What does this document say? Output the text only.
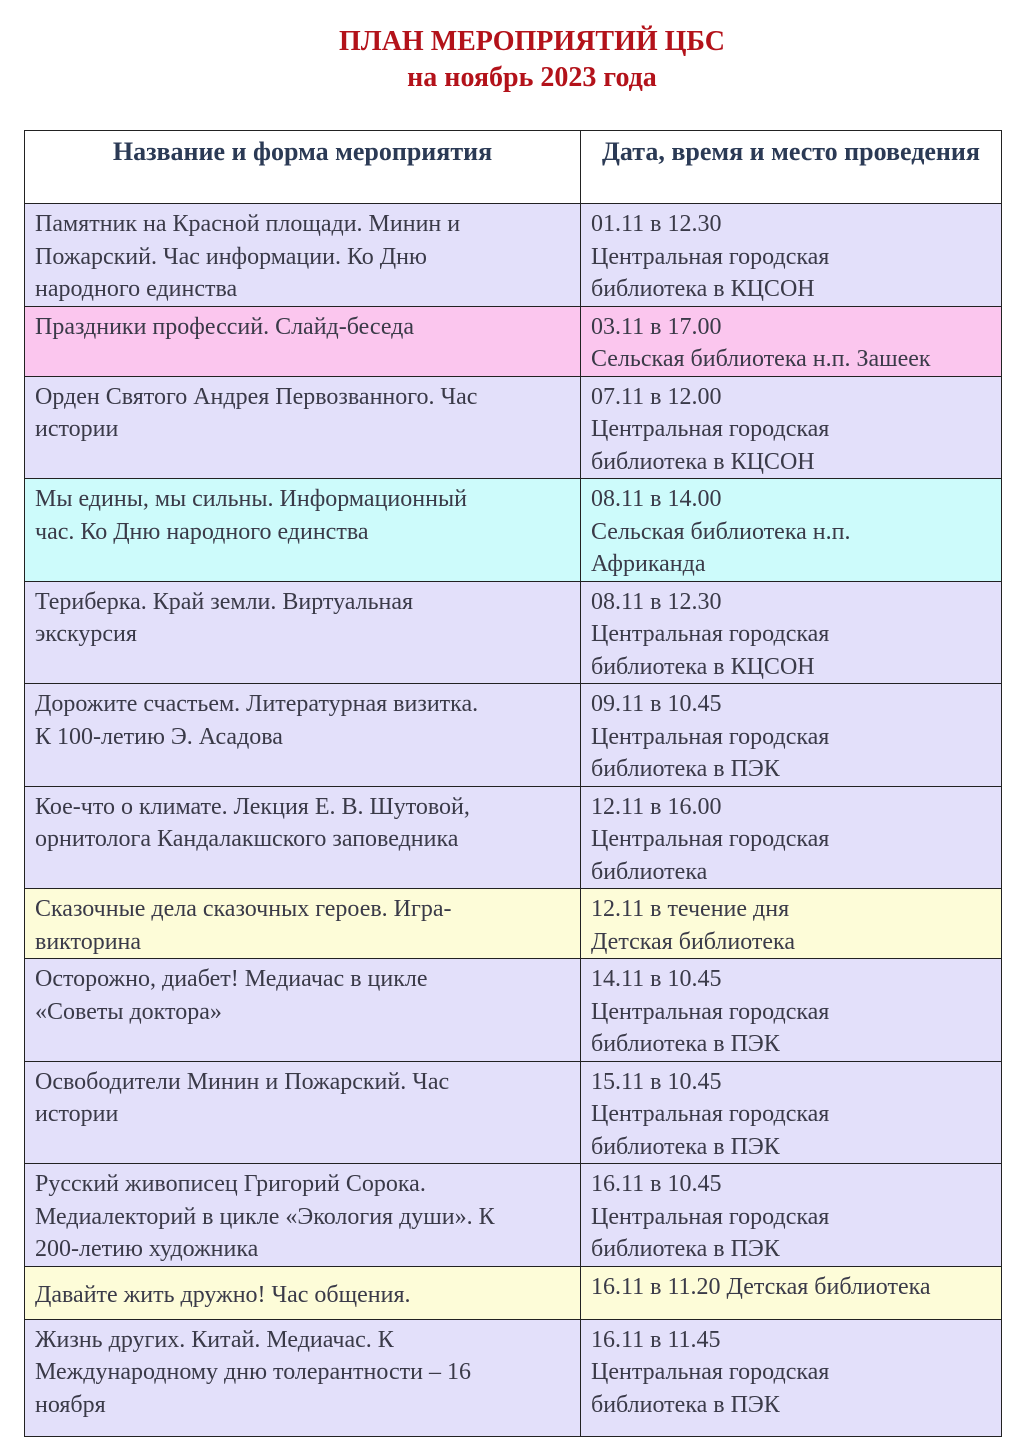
ПЛАН МЕРОПРИЯТИЙ ЦБС
на ноябрь 2023 года
Название и форма мероприятия	Дата, время и место проведения

Памятник на Красной площади. Минин и
Пожарский. Час информации. Ко Дню
народного единства	01.11 в 12.30
Центральная городская
библиотека в КЦСОН

Праздники профессий. Слайд-беседа	03.11 в 17.00
Сельская библиотека н.п. Зашеек

Орден Святого Андрея Первозванного. Час
истории	07.11 в 12.00
Центральная городская
библиотека в КЦСОН

Мы едины, мы сильны. Информационный
час. Ко Дню народного единства	08.11 в 14.00
Сельская библиотека н.п.
Африканда

Териберка. Край земли. Виртуальная
экскурсия	08.11 в 12.30
Центральная городская
библиотека в КЦСОН

Дорожите счастьем. Литературная визитка.
К 100-летию Э. Асадова	09.11 в 10.45
Центральная городская
библиотека в ПЭК

Кое-что о климате. Лекция Е. В. Шутовой,
орнитолога Кандалакшского заповедника	12.11 в 16.00
Центральная городская
библиотека

Сказочные дела сказочных героев. Игра-
викторина	12.11 в течение дня
Детская библиотека

Осторожно, диабет! Медиачас в цикле
«Советы доктора»	14.11 в 10.45
Центральная городская
библиотека в ПЭК

Освободители Минин и Пожарский. Час
истории	15.11 в 10.45
Центральная городская
библиотека в ПЭК

Русский живописец Григорий Сорока.
Медиалекторий в цикле «Экология души». К
200-летию художника	16.11 в 10.45
Центральная городская
библиотека в ПЭК

Давайте жить дружно! Час общения.	16.11 в 11.20 Детская библиотека

Жизнь других. Китай. Медиачас. К
Международному дню толерантности – 16
ноября	16.11 в 11.45
Центральная городская
библиотека в ПЭК
